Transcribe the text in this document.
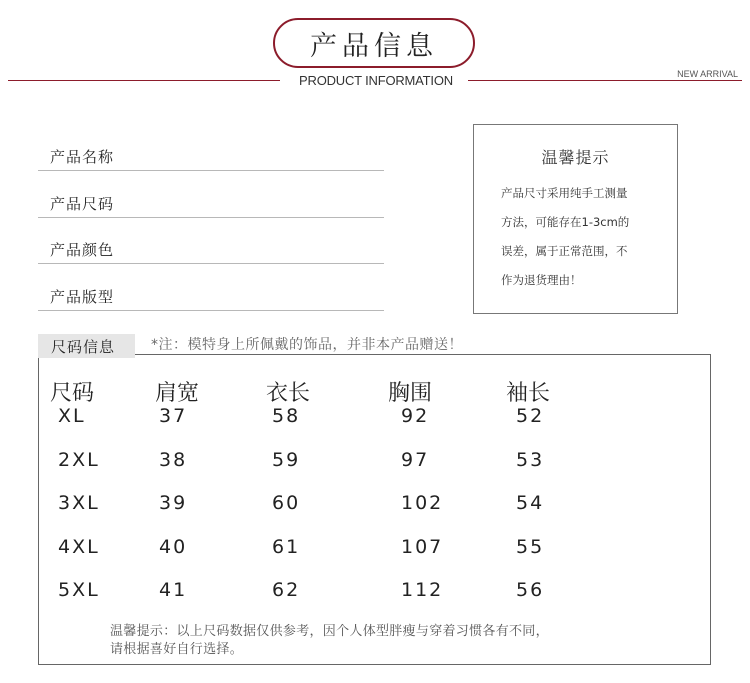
产品信息
PRODUCT INFORMATION	NEW ARRIVAL
产品名称
产品尺码
产品颜色
产品版型
温馨提示
产品尺寸采用纯手工测量
方法，可能存在1-3cm的
误差，属于正常范围，不
作为退货理由！
尺码信息	*注：模特身上所佩戴的饰品，并非本产品赠送！
尺码	肩宽	衣长	胸围	袖长
XL	37	58	92	52
2XL	38	59	97	53
3XL	39	60	102	54
4XL	40	61	107	55
5XL	41	62	112	56
温馨提示：以上尺码数据仅供参考，因个人体型胖瘦与穿着习惯各有不同，
请根据喜好自行选择。
